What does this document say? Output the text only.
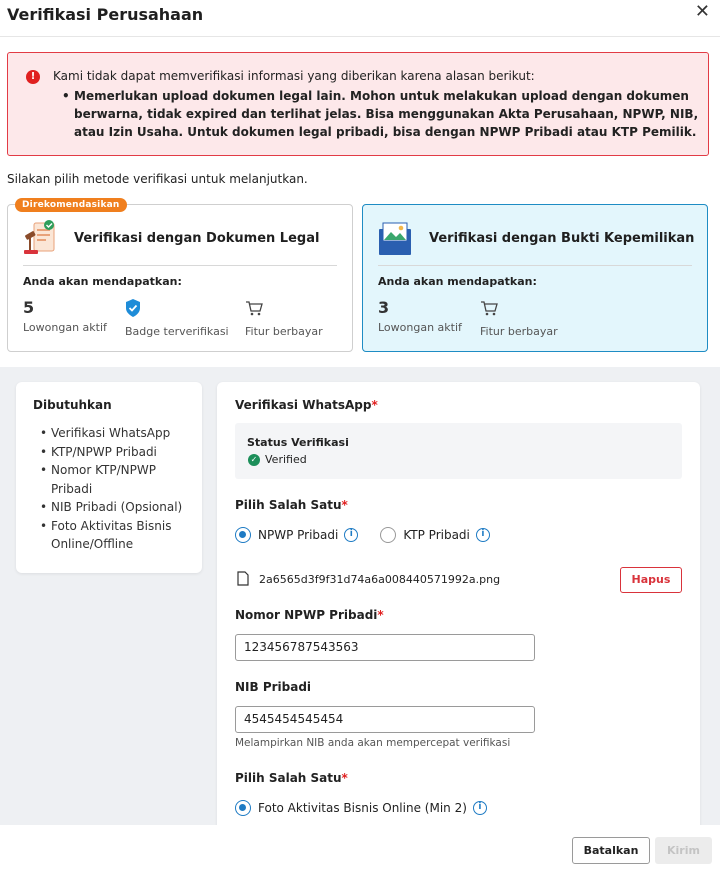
Verifikasi Perusahaan	✕
!	Kami tidak dapat memverifikasi informasi yang diberikan karena alasan berikut:
• Memerlukan upload dokumen legal lain. Mohon untuk melakukan upload dengan dokumen berwarna, tidak expired dan terlihat jelas. Bisa menggunakan Akta Perusahaan, NPWP, NIB, atau Izin Usaha. Untuk dokumen legal pribadi, bisa dengan NPWP Pribadi atau KTP Pemilik.
Silakan pilih metode verifikasi untuk melanjutkan.
Direkomendasikan
Verifikasi dengan Dokumen Legal
Anda akan mendapatkan:
5
Lowongan aktif Badge terverifikasi Fitur berbayar
Verifikasi dengan Bukti Kepemilikan
Anda akan mendapatkan:
3
Lowongan aktif Fitur berbayar
Dibutuhkan
• Verifikasi WhatsApp
• KTP/NPWP Pribadi
• Nomor KTP/NPWP Pribadi
• NIB Pribadi (Opsional)
• Foto Aktivitas Bisnis Online/Offline
Verifikasi WhatsApp*
Status Verifikasi
✓ Verified
Pilih Salah Satu*
NPWP Pribadi	i	KTP Pribadi	i
2a6565d3f9f31d74a6a008440571992a.png	Hapus
Nomor NPWP Pribadi*
123456787543563
NIB Pribadi
4545454545454
Melampirkan NIB anda akan mempercepat verifikasi
Pilih Salah Satu*
Foto Aktivitas Bisnis Online (Min 2)	i
Batalkan	Kirim
